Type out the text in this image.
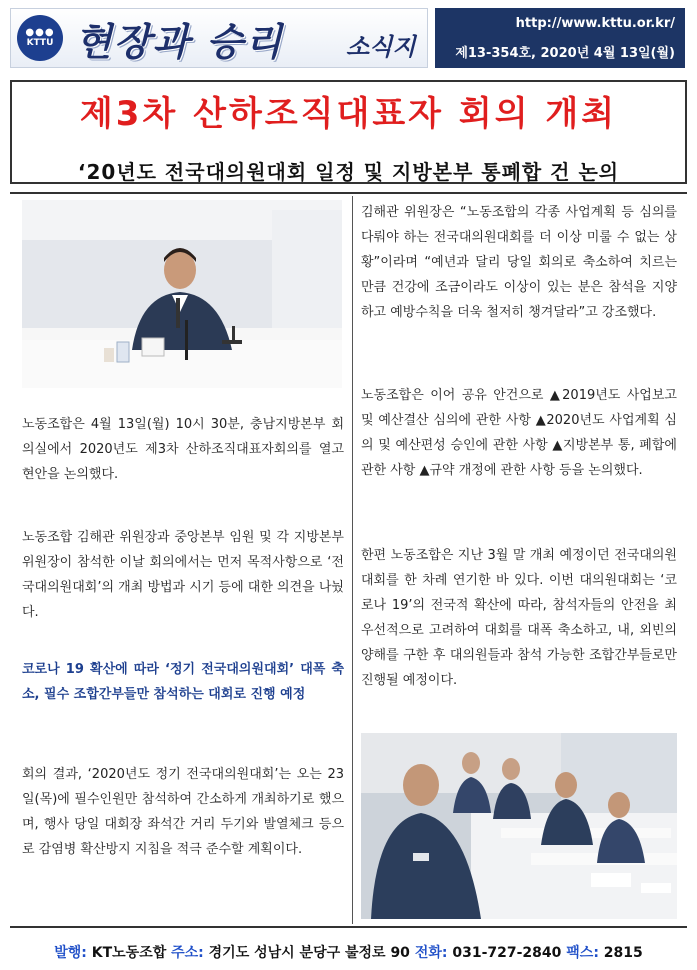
●●●
KTTU 현장과 승리	소식지
http://www.kttu.or.kr/
제13-354호, 2020년 4월 13일(월)
제3차 산하조직대표자 회의 개최
‘20년도 전국대의원대회 일정 및 지방본부 통폐합 건 논의
노동조합은 4월 13일(월) 10시 30분, 충남지방본부 회의실에서 2020년도 제3차 산하조직대표자회의를 열고 현안을 논의했다.
노동조합 김해관 위원장과 중앙본부 임원 및 각 지방본부 위원장이 참석한 이날 회의에서는 먼저 목적사항으로 ‘전국대의원대회’의 개최 방법과 시기 등에 대한 의견을 나눴다.
코로나 19 확산에 따라 ‘정기 전국대의원대회’ 대폭 축소, 필수 조합간부들만 참석하는 대회로 진행 예정
회의 결과, ‘2020년도 정기 전국대의원대회’는 오는 23일(목)에 필수인원만 참석하여 간소하게 개최하기로 했으며, 행사 당일 대회장 좌석간 거리 두기와 발열체크 등으로 감염병 확산방지 지침을 적극 준수할 계획이다.
김해관 위원장은 “노동조합의 각종 사업계획 등 심의를 다뤄야 하는 전국대의원대회를 더 이상 미룰 수 없는 상황”이라며 “예년과 달리 당일 회의로 축소하여 치르는 만큼 건강에 조금이라도 이상이 있는 분은 참석을 지양하고 예방수칙을 더욱 철저히 챙겨달라”고 강조했다.
노동조합은 이어 공유 안건으로 ▲2019년도 사업보고 및 예산결산 심의에 관한 사항 ▲2020년도 사업계획 심의 및 예산편성 승인에 관한 사항 ▲지방본부 통, 폐합에 관한 사항 ▲규약 개정에 관한 사항 등을 논의했다.
한편 노동조합은 지난 3월 말 개최 예정이던 전국대의원대회를 한 차례 연기한 바 있다. 이번 대의원대회는 ‘코로나 19’의 전국적 확산에 따라, 참석자들의 안전을 최우선적으로 고려하여 대회를 대폭 축소하고, 내, 외빈의 양해를 구한 후 대의원들과 참석 가능한 조합간부들로만 진행될 예정이다.
발행: KT노동조합 주소: 경기도 성남시 분당구 불정로 90 전화: 031-727-2840 팩스: 2815
